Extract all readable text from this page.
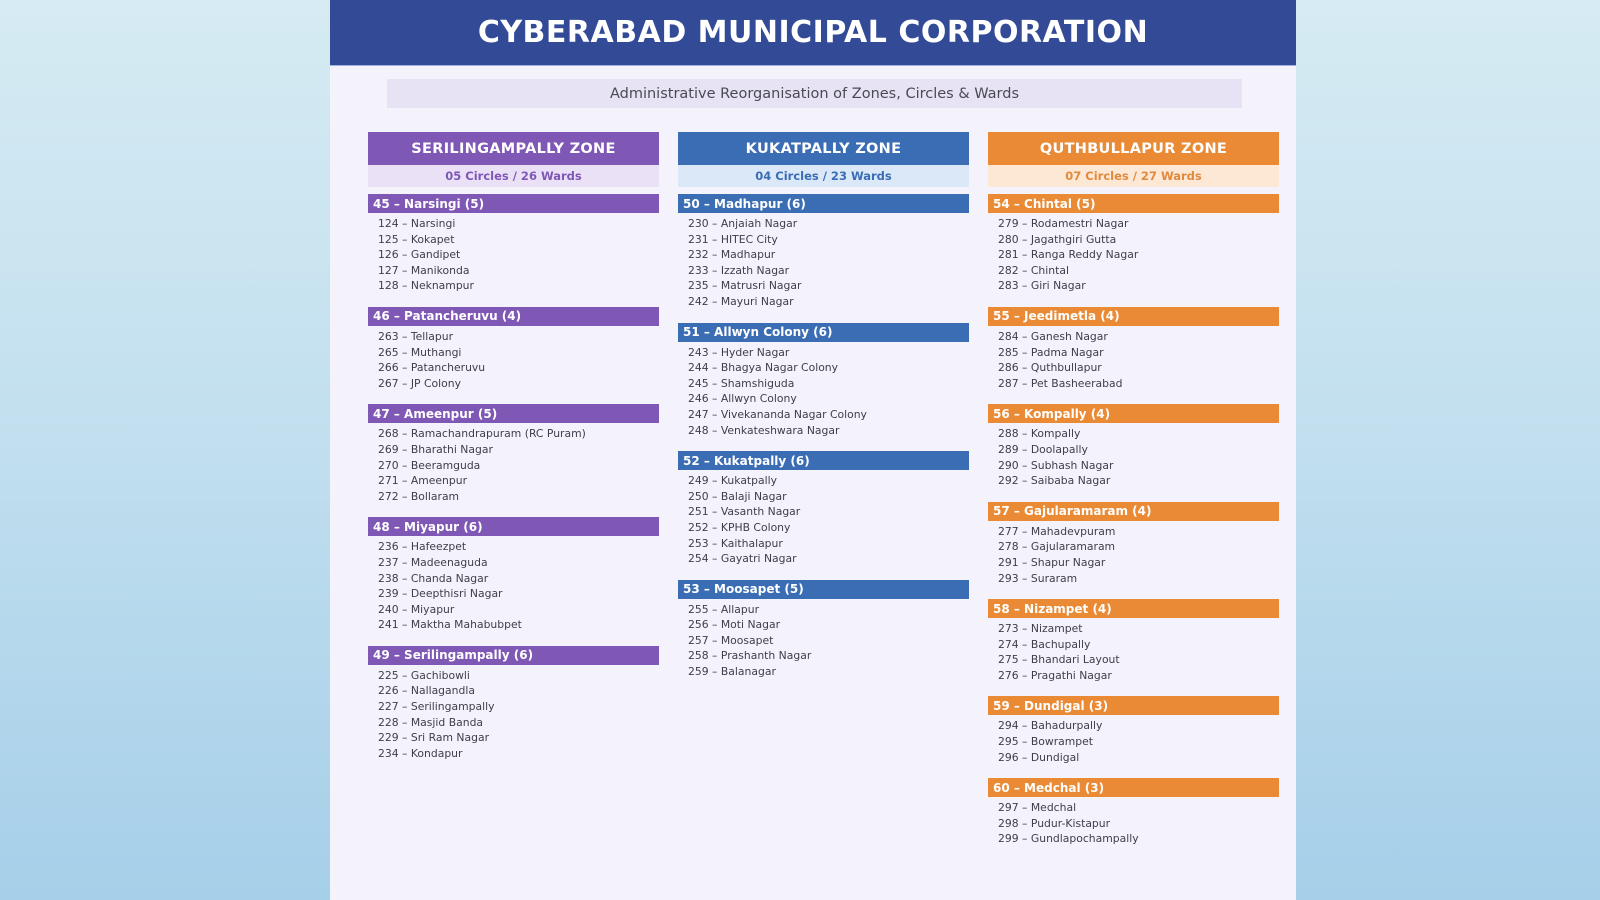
CYBERABAD MUNICIPAL CORPORATION
Administrative Reorganisation of Zones, Circles & Wards
SERILINGAMPALLY ZONE
05 Circles / 26 Wards
45 – Narsingi (5)
124 – Narsingi
125 – Kokapet
126 – Gandipet
127 – Manikonda
128 – Neknampur
46 – Patancheruvu (4)
263 – Tellapur
265 – Muthangi
266 – Patancheruvu
267 – JP Colony
47 – Ameenpur (5)
268 – Ramachandrapuram (RC Puram)
269 – Bharathi Nagar
270 – Beeramguda
271 – Ameenpur
272 – Bollaram
48 – Miyapur (6)
236 – Hafeezpet
237 – Madeenaguda
238 – Chanda Nagar
239 – Deepthisri Nagar
240 – Miyapur
241 – Maktha Mahabubpet
49 – Serilingampally (6)
225 – Gachibowli
226 – Nallagandla
227 – Serilingampally
228 – Masjid Banda
229 – Sri Ram Nagar
234 – Kondapur
KUKATPALLY ZONE
04 Circles / 23 Wards
50 – Madhapur (6)
230 – Anjaiah Nagar
231 – HITEC City
232 – Madhapur
233 – Izzath Nagar
235 – Matrusri Nagar
242 – Mayuri Nagar
51 – Allwyn Colony (6)
243 – Hyder Nagar
244 – Bhagya Nagar Colony
245 – Shamshiguda
246 – Allwyn Colony
247 – Vivekananda Nagar Colony
248 – Venkateshwara Nagar
52 – Kukatpally (6)
249 – Kukatpally
250 – Balaji Nagar
251 – Vasanth Nagar
252 – KPHB Colony
253 – Kaithalapur
254 – Gayatri Nagar
53 – Moosapet (5)
255 – Allapur
256 – Moti Nagar
257 – Moosapet
258 – Prashanth Nagar
259 – Balanagar
QUTHBULLAPUR ZONE
07 Circles / 27 Wards
54 – Chintal (5)
279 – Rodamestri Nagar
280 – Jagathgiri Gutta
281 – Ranga Reddy Nagar
282 – Chintal
283 – Giri Nagar
55 – Jeedimetla (4)
284 – Ganesh Nagar
285 – Padma Nagar
286 – Quthbullapur
287 – Pet Basheerabad
56 – Kompally (4)
288 – Kompally
289 – Doolapally
290 – Subhash Nagar
292 – Saibaba Nagar
57 – Gajularamaram (4)
277 – Mahadevpuram
278 – Gajularamaram
291 – Shapur Nagar
293 – Suraram
58 – Nizampet (4)
273 – Nizampet
274 – Bachupally
275 – Bhandari Layout
276 – Pragathi Nagar
59 – Dundigal (3)
294 – Bahadurpally
295 – Bowrampet
296 – Dundigal
60 – Medchal (3)
297 – Medchal
298 – Pudur-Kistapur
299 – Gundlapochampally
